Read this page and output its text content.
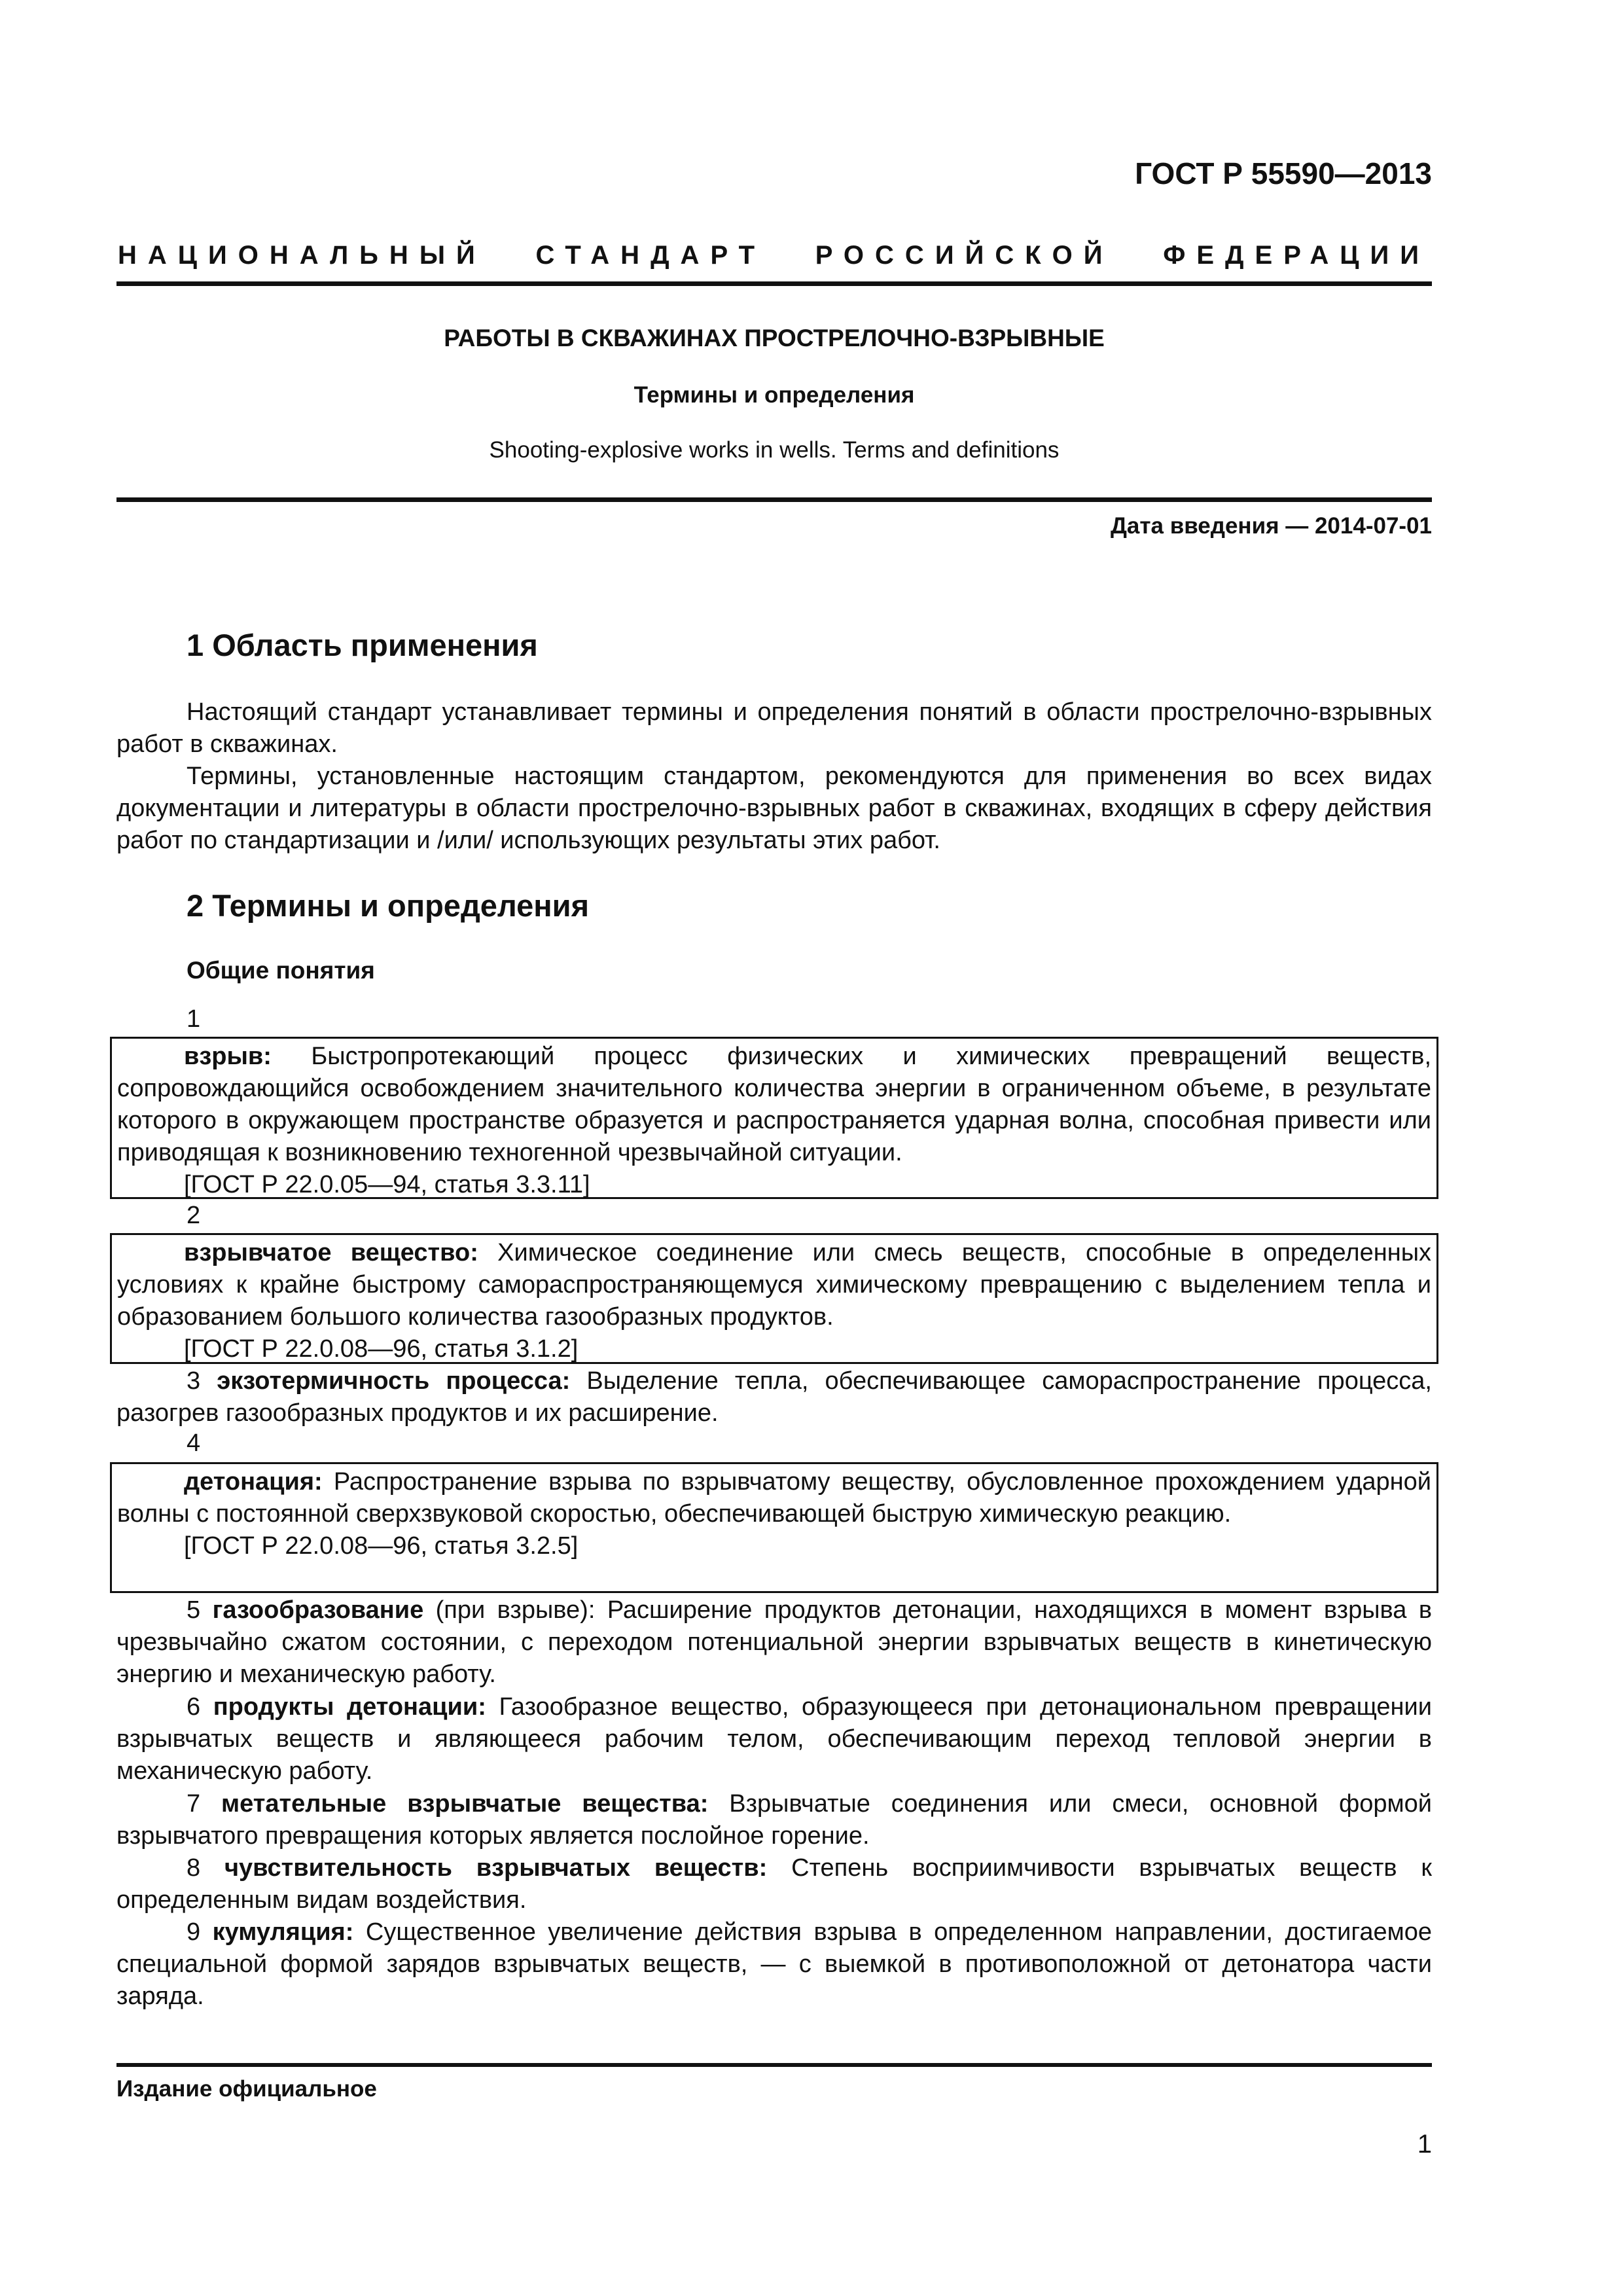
ГОСТ Р 55590—2013
НАЦИОНАЛЬНЫЙ СТАНДАРТ РОССИЙСКОЙ ФЕДЕРАЦИИ
РАБОТЫ В СКВАЖИНАХ ПРОСТРЕЛОЧНО-ВЗРЫВНЫЕ
Термины и определения
Shooting-explosive works in wells. Terms and definitions
Дата введения — 2014-07-01
1 Область применения
Настоящий стандарт устанавливает термины и определения понятий в области прострелочно-взрывных работ в скважинах.
Термины, установленные настоящим стандартом, рекомендуются для применения во всех видах документации и литературы в области прострелочно-взрывных работ в скважинах, входящих в сферу действия работ по стандартизации и /или/ использующих результаты этих работ.
2 Термины и определения
Общие понятия
1
взрыв: Быстропротекающий процесс физических и химических превращений веществ, сопровождающийся освобождением значительного количества энергии в ограниченном объеме, в результате которого в окружающем пространстве образуется и распространяется ударная волна, способная привести или приводящая к возникновению техногенной чрезвычайной ситуации.
[ГОСТ Р 22.0.05—94, статья 3.3.11]
2
взрывчатое вещество: Химическое соединение или смесь веществ, способные в определенных условиях к крайне быстрому самораспространяющемуся химическому превращению с выделением тепла и образованием большого количества газообразных продуктов.
[ГОСТ Р 22.0.08—96, статья 3.1.2]
3 экзотермичность процесса: Выделение тепла, обеспечивающее самораспространение процесса, разогрев газообразных продуктов и их расширение.
4
детонация: Распространение взрыва по взрывчатому веществу, обусловленное прохождением ударной волны с постоянной сверхзвуковой скоростью, обеспечивающей быструю химическую реакцию.
[ГОСТ Р 22.0.08—96, статья 3.2.5]
5 газообразование (при взрыве): Расширение продуктов детонации, находящихся в момент взрыва в чрезвычайно сжатом состоянии, с переходом потенциальной энергии взрывчатых веществ в кинетическую энергию и механическую работу.
6 продукты детонации: Газообразное вещество, образующееся при детонациональном превращении взрывчатых веществ и являющееся рабочим телом, обеспечивающим переход тепловой энергии в механическую работу.
7 метательные взрывчатые вещества: Взрывчатые соединения или смеси, основной формой взрывчатого превращения которых является послойное горение.
8 чувствительность взрывчатых веществ: Степень восприимчивости взрывчатых веществ к определенным видам воздействия.
9 кумуляция: Существенное увеличение действия взрыва в определенном направлении, достигаемое специальной формой зарядов взрывчатых веществ, — с выемкой в противоположной от детонатора части заряда.
Издание официальное
1
